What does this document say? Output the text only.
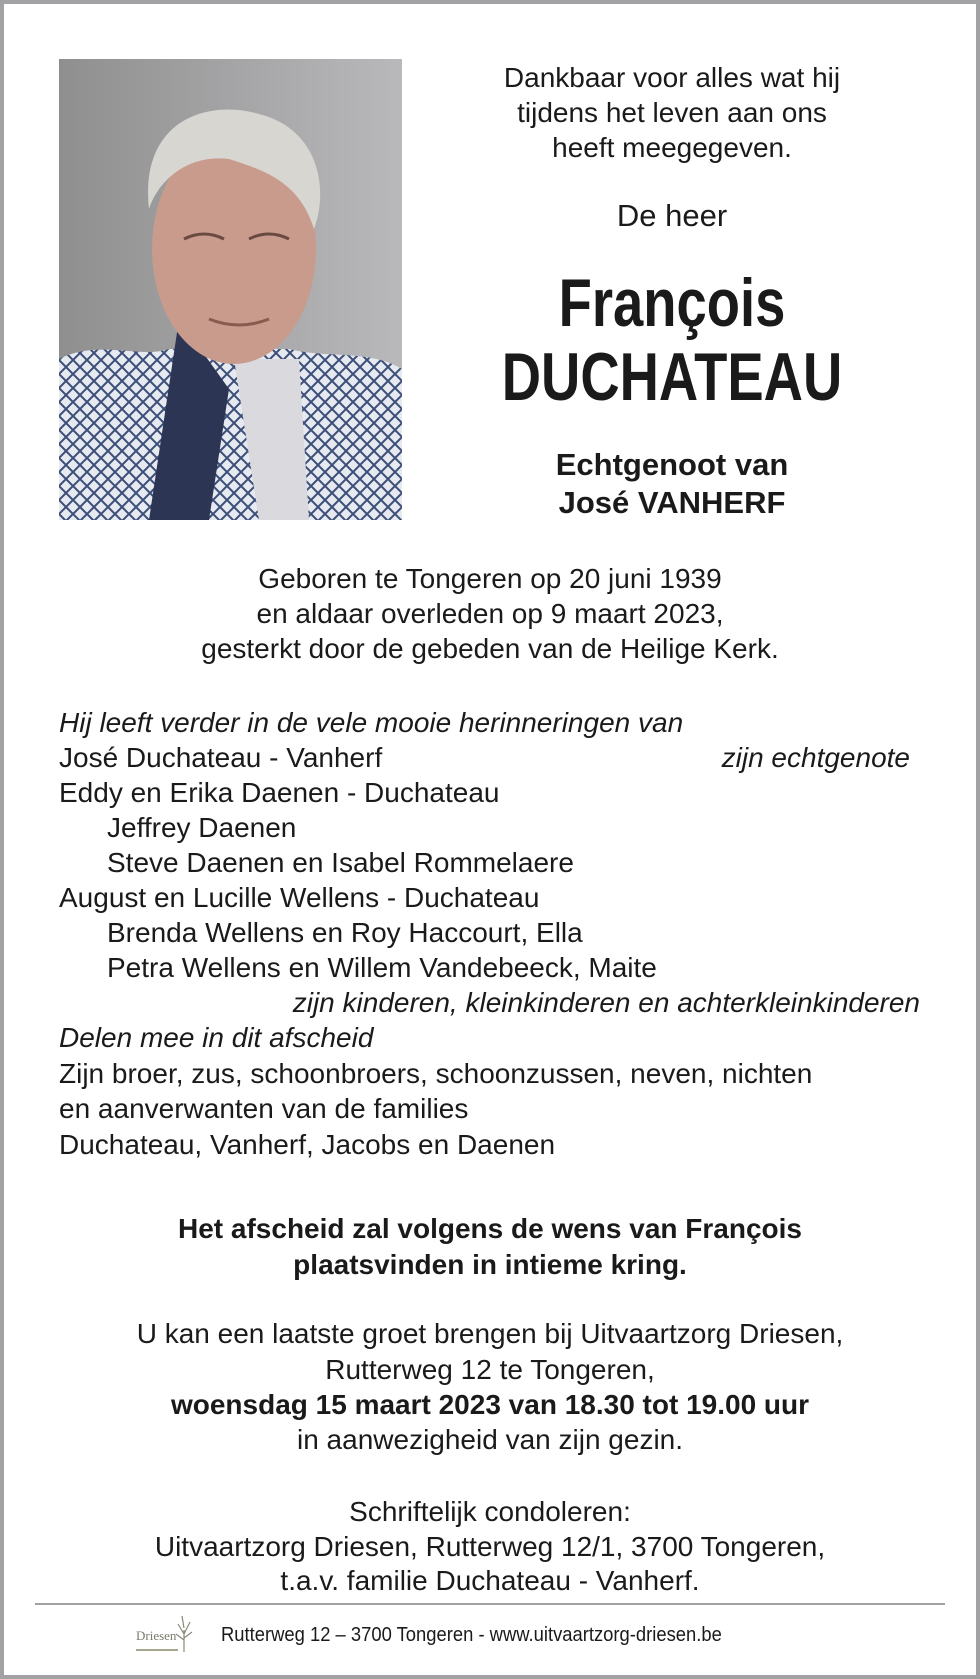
Dankbaar voor alles wat hij
tijdens het leven aan ons
heeft meegegeven.
De heer
François
DUCHATEAU
Echtgenoot van
José VANHERF
Geboren te Tongeren op 20 juni 1939
en aldaar overleden op 9 maart 2023,
gesterkt door de gebeden van de Heilige Kerk.
Hij leeft verder in de vele mooie herinneringen van
José Duchateau - Vanherf	zijn echtgenote
Eddy en Erika Daenen - Duchateau
Jeffrey Daenen
Steve Daenen en Isabel Rommelaere
August en Lucille Wellens - Duchateau
Brenda Wellens en Roy Haccourt, Ella
Petra Wellens en Willem Vandebeeck, Maite
zijn kinderen, kleinkinderen en achterkleinkinderen
Delen mee in dit afscheid
Zijn broer, zus, schoonbroers, schoonzussen, neven, nichten
en aanverwanten van de families
Duchateau, Vanherf, Jacobs en Daenen
Het afscheid zal volgens de wens van François
plaatsvinden in intieme kring.
U kan een laatste groet brengen bij Uitvaartzorg Driesen,
Rutterweg 12 te Tongeren,
woensdag 15 maart 2023 van 18.30 tot 19.00 uur
in aanwezigheid van zijn gezin.
Schriftelijk condoleren:
Uitvaartzorg Driesen, Rutterweg 12/1, 3700 Tongeren,
t.a.v. familie Duchateau - Vanherf.
Driesen Rutterweg 12 – 3700 Tongeren - www.uitvaartzorg-driesen.be
